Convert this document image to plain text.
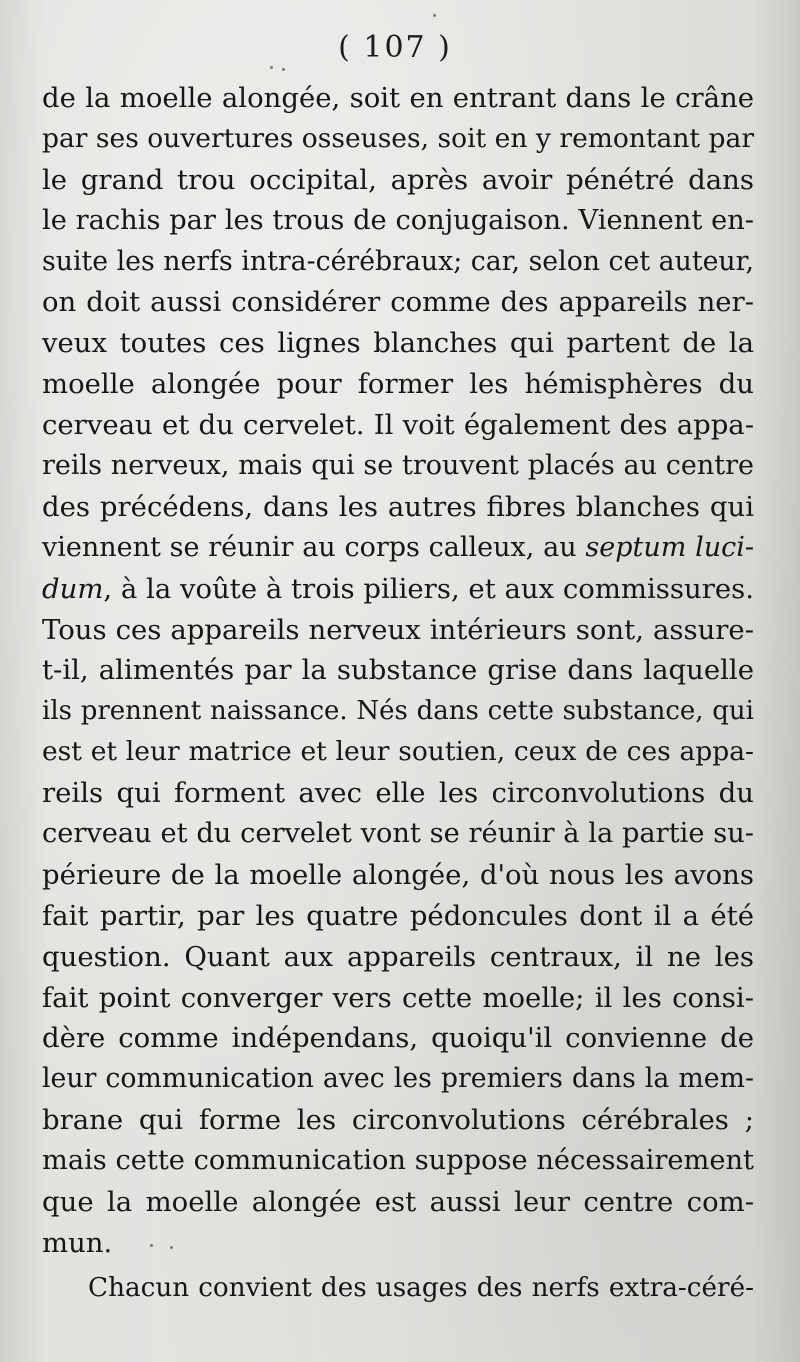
( 107 )
de la moelle alongée, soit en entrant dans le crâne
par ses ouvertures osseuses, soit en y remontant par
le grand trou occipital, après avoir pénétré dans
le rachis par les trous de conjugaison. Viennent en-
suite les nerfs intra-cérébraux; car, selon cet auteur,
on doit aussi considérer comme des appareils ner-
veux toutes ces lignes blanches qui partent de la
moelle alongée pour former les hémisphères du
cerveau et du cervelet. Il voit également des appa-
reils nerveux, mais qui se trouvent placés au centre
des précédens, dans les autres fibres blanches qui
viennent se réunir au corps calleux, au septum luci-
dum, à la voûte à trois piliers, et aux commissures.
Tous ces appareils nerveux intérieurs sont, assure-
t-il, alimentés par la substance grise dans laquelle
ils prennent naissance. Nés dans cette substance, qui
est et leur matrice et leur soutien, ceux de ces appa-
reils qui forment avec elle les circonvolutions du
cerveau et du cervelet vont se réunir à la partie su-
périeure de la moelle alongée, d'où nous les avons
fait partir, par les quatre pédoncules dont il a été
question. Quant aux appareils centraux, il ne les
fait point converger vers cette moelle; il les consi-
dère comme indépendans, quoiqu'il convienne de
leur communication avec les premiers dans la mem-
brane qui forme les circonvolutions cérébrales ;
mais cette communication suppose nécessairement
que la moelle alongée est aussi leur centre com-
mun.
Chacun convient des usages des nerfs extra-céré-
